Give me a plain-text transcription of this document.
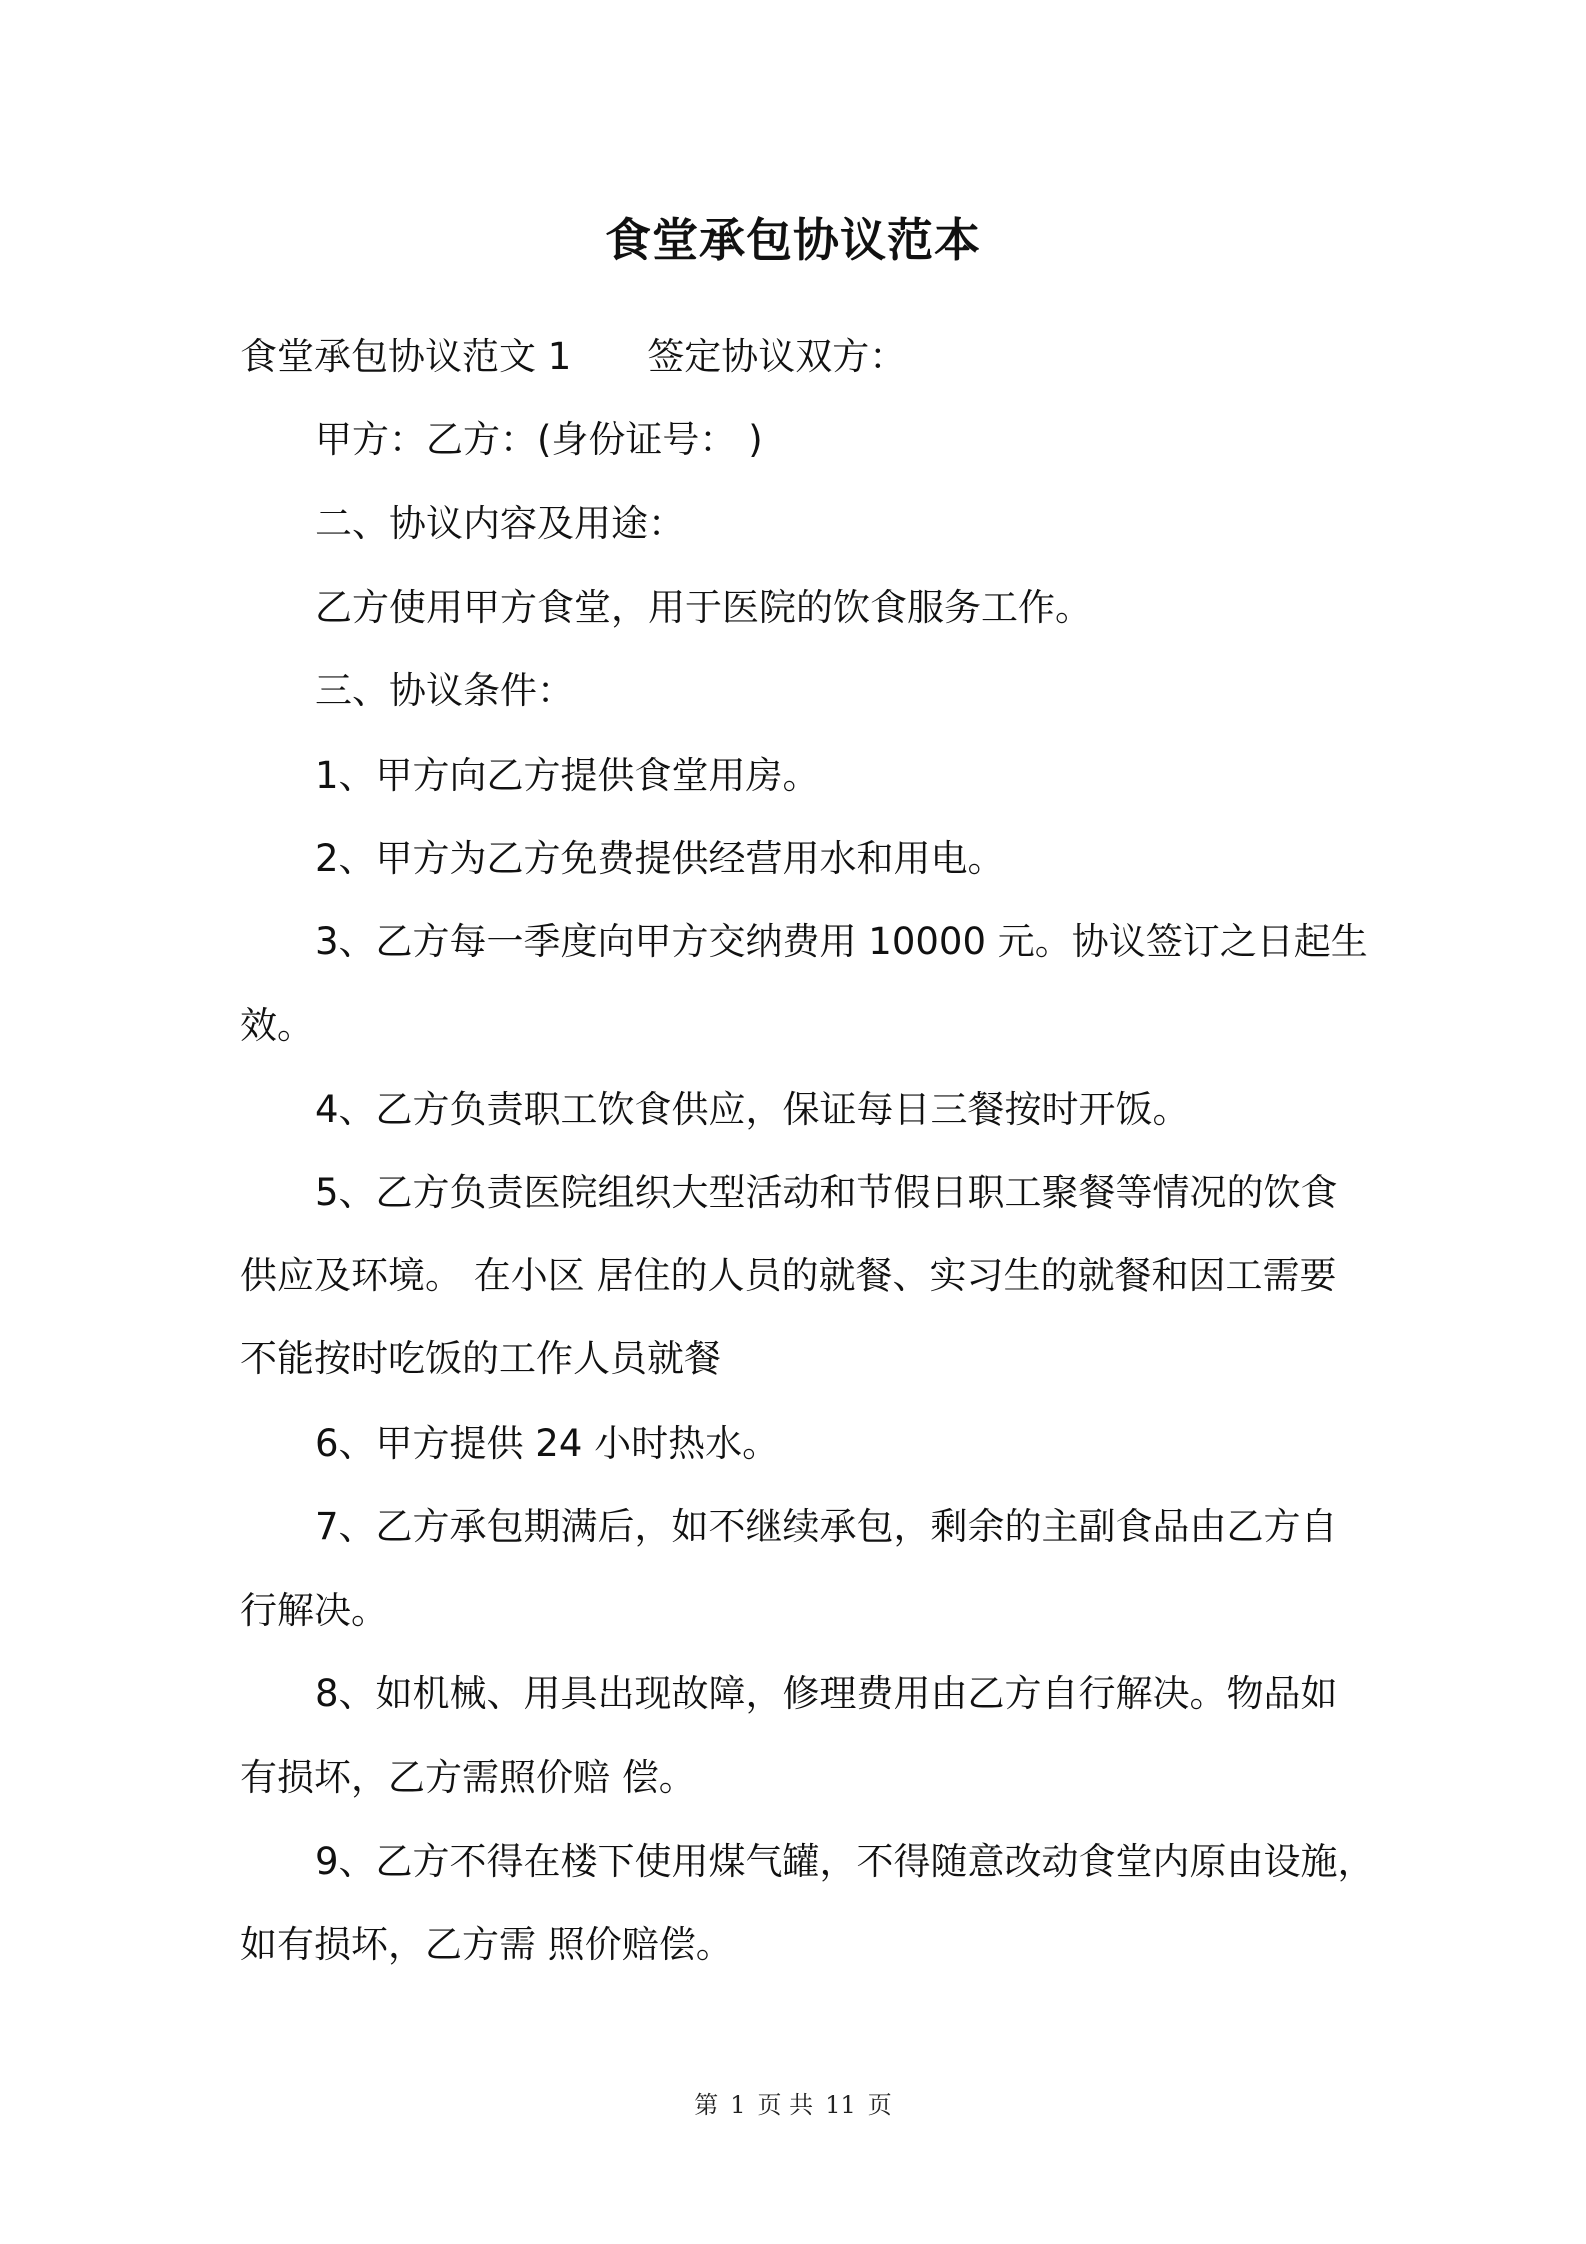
食堂承包协议范本
食堂承包协议范文 1 签定协议双方：
甲方：乙方：(身份证号： )
二、协议内容及用途：
乙方使用甲方食堂，用于医院的饮食服务工作。
三、协议条件：
1、甲方向乙方提供食堂用房。
2、甲方为乙方免费提供经营用水和用电。
3、乙方每一季度向甲方交纳费用 10000 元。协议签订之日起生
效。
4、乙方负责职工饮食供应，保证每日三餐按时开饭。
5、乙方负责医院组织大型活动和节假日职工聚餐等情况的饮食
供应及环境。 在小区 居住的人员的就餐、实习生的就餐和因工需要
不能按时吃饭的工作人员就餐
6、甲方提供 24 小时热水。
7、乙方承包期满后，如不继续承包，剩余的主副食品由乙方自
行解决。
8、如机械、用具出现故障，修理费用由乙方自行解决。物品如
有损坏，乙方需照价赔 偿。
9、乙方不得在楼下使用煤气罐，不得随意改动食堂内原由设施，
如有损坏，乙方需 照价赔偿。
第 1 页 共 11 页
